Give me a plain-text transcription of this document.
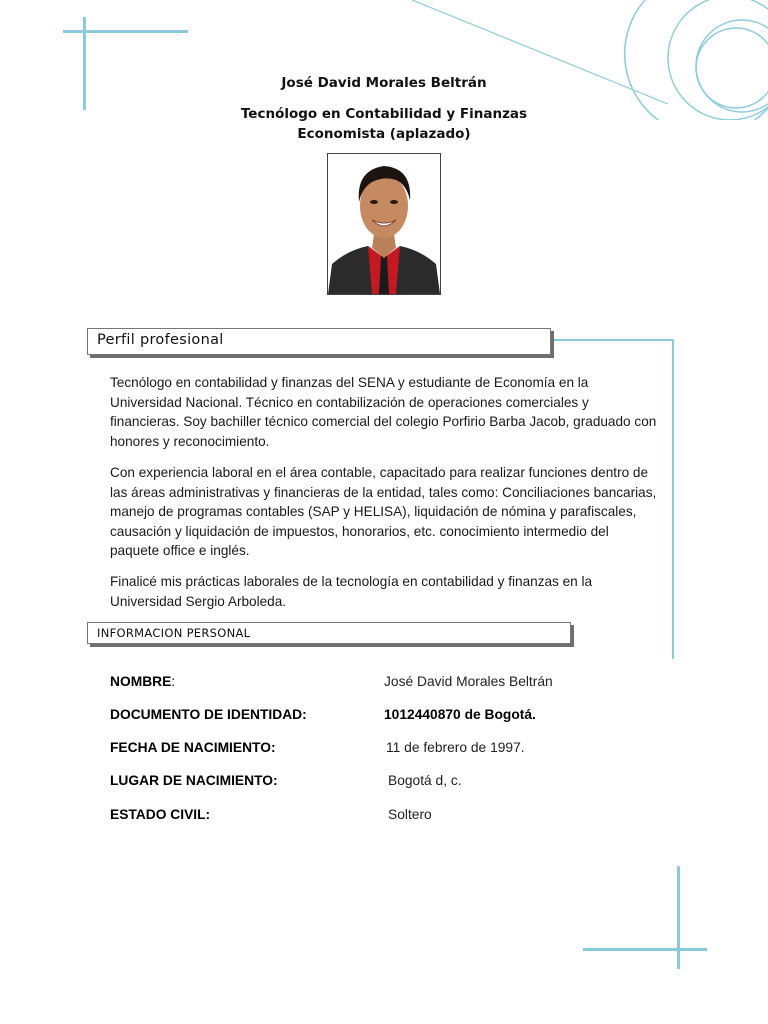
José David Morales Beltrán
Tecnólogo en Contabilidad y Finanzas
Economista (aplazado)
Perfil profesional

Tecnólogo en contabilidad y finanzas del SENA y estudiante de Economía en la Universidad Nacional. Técnico en contabilización de operaciones comerciales y financieras. Soy bachiller técnico comercial del colegio Porfirio Barba Jacob, graduado con honores y reconocimiento.

Con experiencia laboral en el área contable, capacitado para realizar funciones dentro de las áreas administrativas y financieras de la entidad, tales como: Conciliaciones bancarias, manejo de programas contables (SAP y HELISA), liquidación de nómina y parafiscales, causación y liquidación de impuestos, honorarios, etc. conocimiento intermedio del paquete office e inglés.

Finalicé mis prácticas laborales de la tecnología en contabilidad y finanzas en la Universidad Sergio Arboleda.

INFORMACION PERSONAL
NOMBRE:	José David Morales Beltrán
DOCUMENTO DE IDENTIDAD:	1012440870 de Bogotá.
FECHA DE NACIMIENTO:	11 de febrero de 1997.
LUGAR DE NACIMIENTO:	Bogotá d, c.
ESTADO CIVIL:	Soltero
